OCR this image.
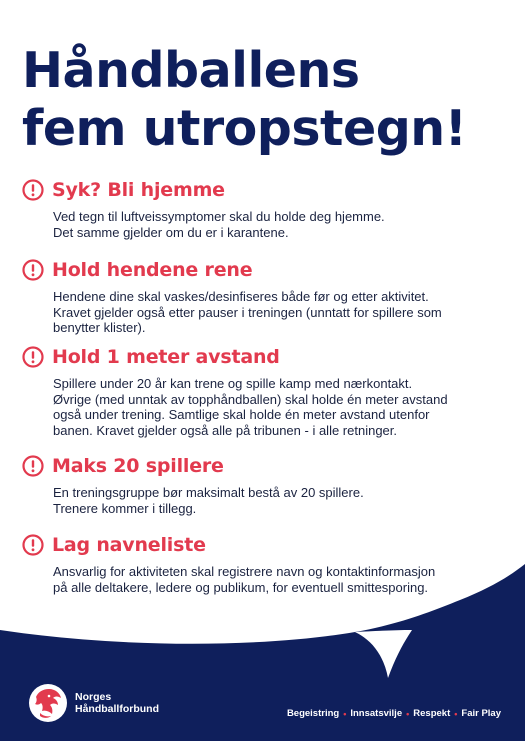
Håndballens
fem utropstegn!
Syk? Bli hjemme
Ved tegn til luftveissymptomer skal du holde deg hjemme.
Det samme gjelder om du er i karantene.
Hold hendene rene
Hendene dine skal vaskes/desinfiseres både før og etter aktivitet.
Kravet gjelder også etter pauser i treningen (unntatt for spillere som
benytter klister).
Hold 1 meter avstand
Spillere under 20 år kan trene og spille kamp med nærkontakt.
Øvrige (med unntak av topphåndballen) skal holde én meter avstand
også under trening. Samtlige skal holde én meter avstand utenfor
banen. Kravet gjelder også alle på tribunen - i alle retninger.
Maks 20 spillere
En treningsgruppe bør maksimalt bestå av 20 spillere.
Trenere kommer i tillegg.
Lag navneliste
Ansvarlig for aktiviteten skal registrere navn og kontaktinformasjon
på alle deltakere, ledere og publikum, for eventuell smittesporing.
Norges
Håndballforbund	Begeistring • Innsatsvilje • Respekt • Fair Play
